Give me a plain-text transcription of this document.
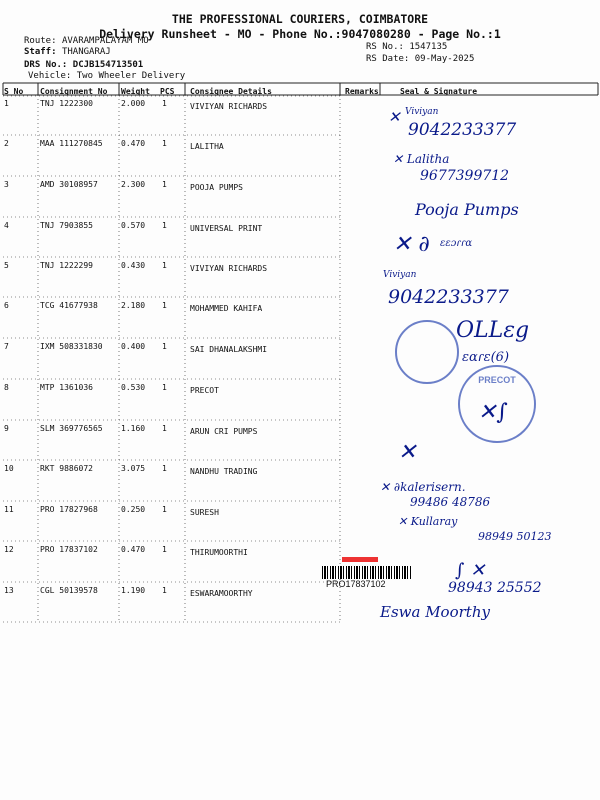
THE PROFESSIONAL COURIERS, COIMBATORE
Delivery Runsheet - MO - Phone No.:9047080280 - Page No.:1
Route: AVARAMPALAYAM MO
Staff: THANGARAJ
DRS No.: DCJB154713501
Vehicle: Two Wheeler Delivery
RS No.: 1547135
RS Date: 09-May-2025
S No Consignment No Weight PCS Consignee Details	Remarks	Seal & Signature
1	TNJ 1222300	2.000 1	VIVIYAN RICHARDS
2	MAA 111270845 0.470 1	LALITHA
3	AMD 30108957	2.300 1	POOJA PUMPS
4	TNJ 7903855	0.570 1	UNIVERSAL PRINT
5	TNJ 1222299	0.430 1	VIVIYAN RICHARDS
6	TCG 41677938	2.180 1	MOHAMMED KAHIFA
7	IXM 508331830 0.400 1	SAI DHANALAKSHMI
8	MTP 1361036	0.530 1	PRECOT
9	SLM 369776565 1.160 1	ARUN CRI PUMPS
10	RKT 9886072	3.075 1	NANDHU TRADING
11	PRO 17827968	0.250 1	SURESH
12	PRO 17837102	0.470 1	THIRUMOORTHI
13	CGL 50139578	1.190 1	ESWARAMOORTHY
✕ Viviyan
9042233377
✕ Lalitha
9677399712
Pooja Pumps
✕ ∂ ɛɛɔɾɾɑ
Viviyan
9042233377
OLLɛg
ɛɑɾɛ(6)
PRECOT
✕∫
✕
✕ ∂kalerisern.
99486 48786
✕ Kullaray
98949 50123
∫ ✕
98943 25552
Eswa Moorthy
PRO17837102
